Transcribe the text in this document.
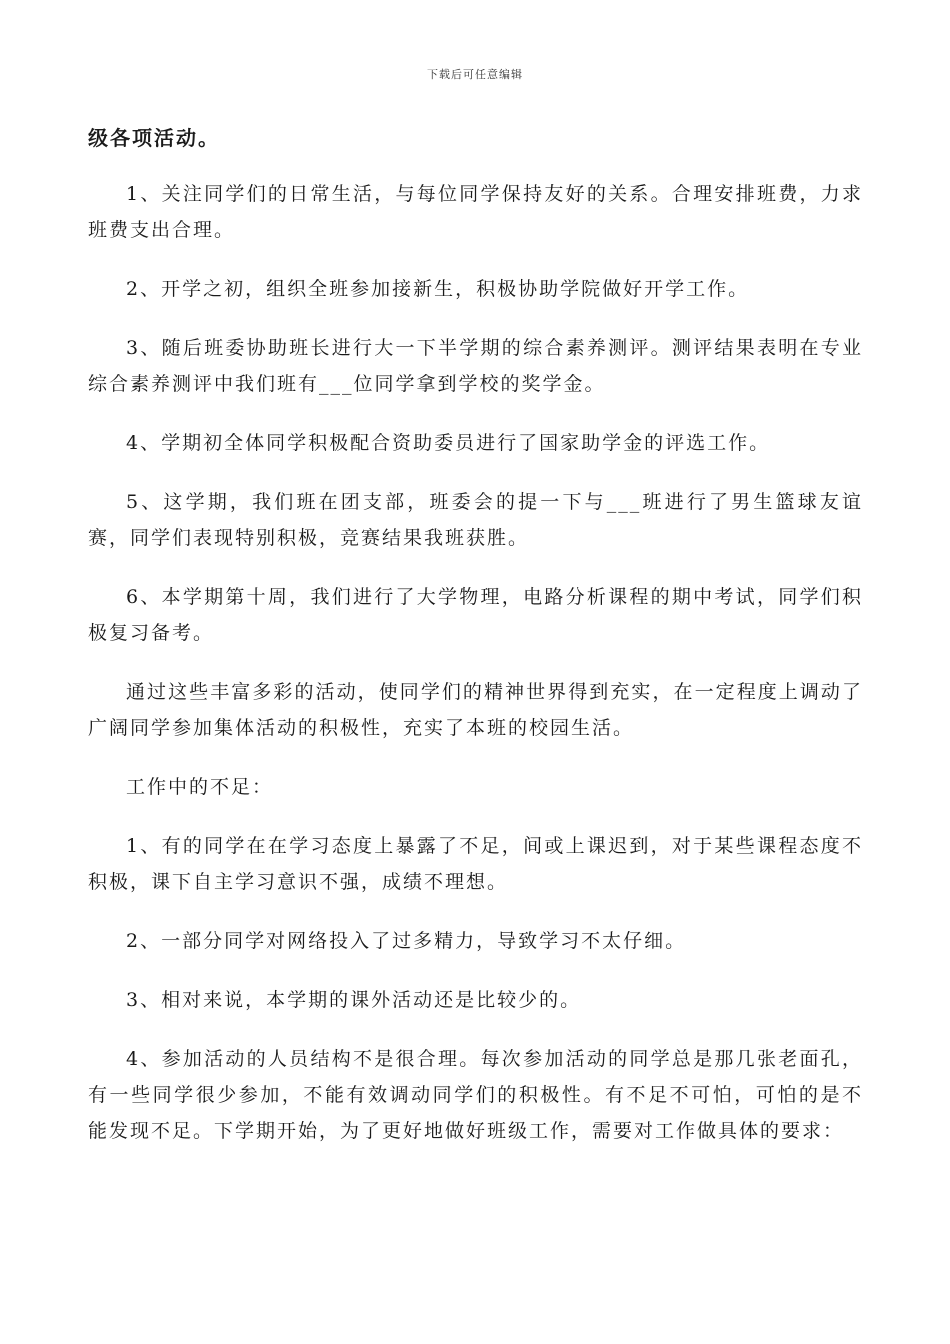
下载后可任意编辑

级各项活动。

1、关注同学们的日常生活，与每位同学保持友好的关系。合理安排班费，力求班费支出合理。

2、开学之初，组织全班参加接新生，积极协助学院做好开学工作。

3、随后班委协助班长进行大一下半学期的综合素养测评。测评结果表明在专业综合素养测评中我们班有___位同学拿到学校的奖学金。

4、学期初全体同学积极配合资助委员进行了国家助学金的评选工作。

5、这学期，我们班在团支部，班委会的提一下与___班进行了男生篮球友谊赛，同学们表现特别积极，竞赛结果我班获胜。

6、本学期第十周，我们进行了大学物理，电路分析课程的期中考试，同学们积极复习备考。

通过这些丰富多彩的活动，使同学们的精神世界得到充实，在一定程度上调动了广阔同学参加集体活动的积极性，充实了本班的校园生活。

工作中的不足：

1、有的同学在在学习态度上暴露了不足，间或上课迟到，对于某些课程态度不积极，课下自主学习意识不强，成绩不理想。

2、一部分同学对网络投入了过多精力，导致学习不太仔细。

3、相对来说，本学期的课外活动还是比较少的。

4、参加活动的人员结构不是很合理。每次参加活动的同学总是那几张老面孔，有一些同学很少参加，不能有效调动同学们的积极性。有不足不可怕，可怕的是不能发现不足。下学期开始，为了更好地做好班级工作，需要对工作做具体的要求：
